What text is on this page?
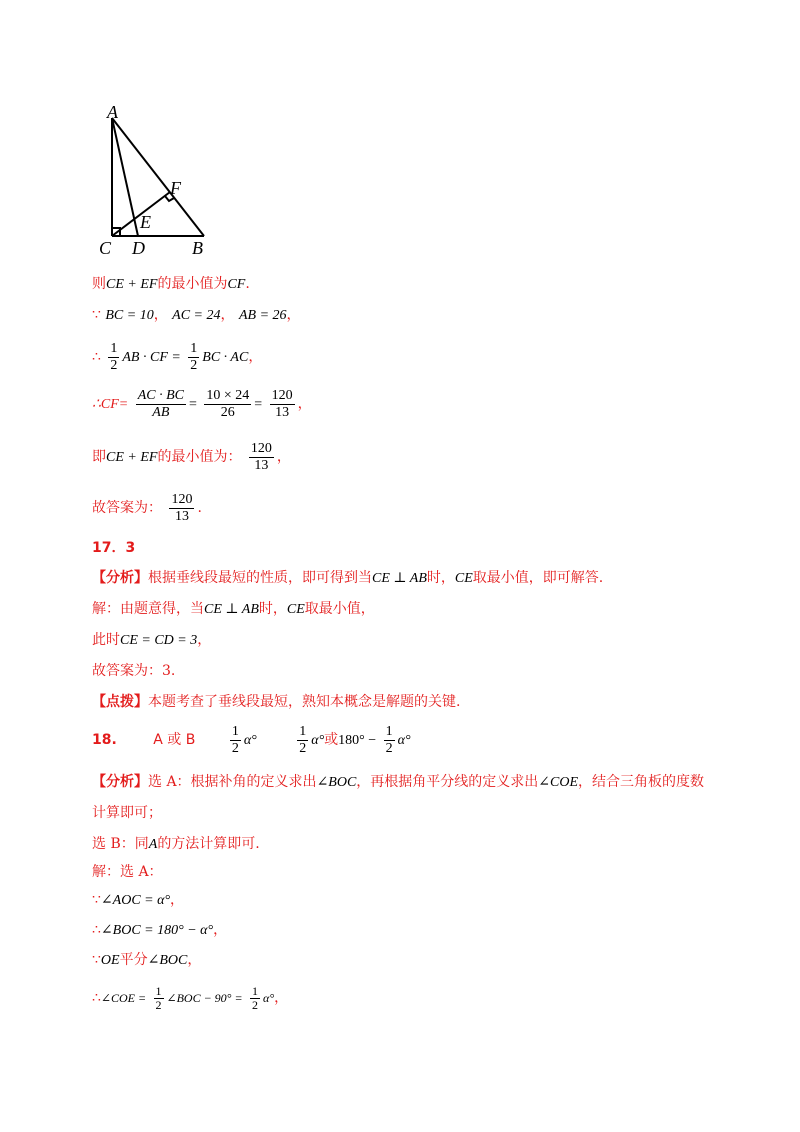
A
F
E
C D	B
则CE + EF的最小值为CF.
∵ BC = 10， AC = 24， AB = 26，
∴ $\frac{1}{2}$ AB · CF = $\frac{1}{2}$ BC · AC，
∴CF= $\frac{AC \cdot BC}{AB} = \frac{10 \times 24}{26} = \frac{120}{13}$ ，
即CE + EF的最小值为： $\frac{120}{13}$ ，
故答案为： $\frac{120}{13}$ .
17．3
【分析】根据垂线段最短的性质，即可得到当CE ⊥ AB时，CE取最小值，即可解答.
解：由题意得，当CE ⊥ AB时，CE取最小值，
此时CE = CD = 3，
故答案为：3.
【点拨】本题考查了垂线段最短，熟知本概念是解题的关键.
18.	A 或 B $\frac{1}{2} \alpha^\circ$	$\frac{1}{2} \alpha^\circ$或$180^\circ - \frac{1}{2} \alpha^\circ$
【分析】选 A：根据补角的定义求出∠BOC，再根据角平分线的定义求出∠COE，结合三角板的度数
计算即可；
选 B：同A的方法计算即可.
解：选 A：
∵∠AOC = α°，
∴∠BOC = 180° − α°，
∵OE平分∠BOC，
∴∠COE = $\frac{1}{2}$ ∠BOC − $90^\circ = \frac{1}{2} \alpha^\circ$，
